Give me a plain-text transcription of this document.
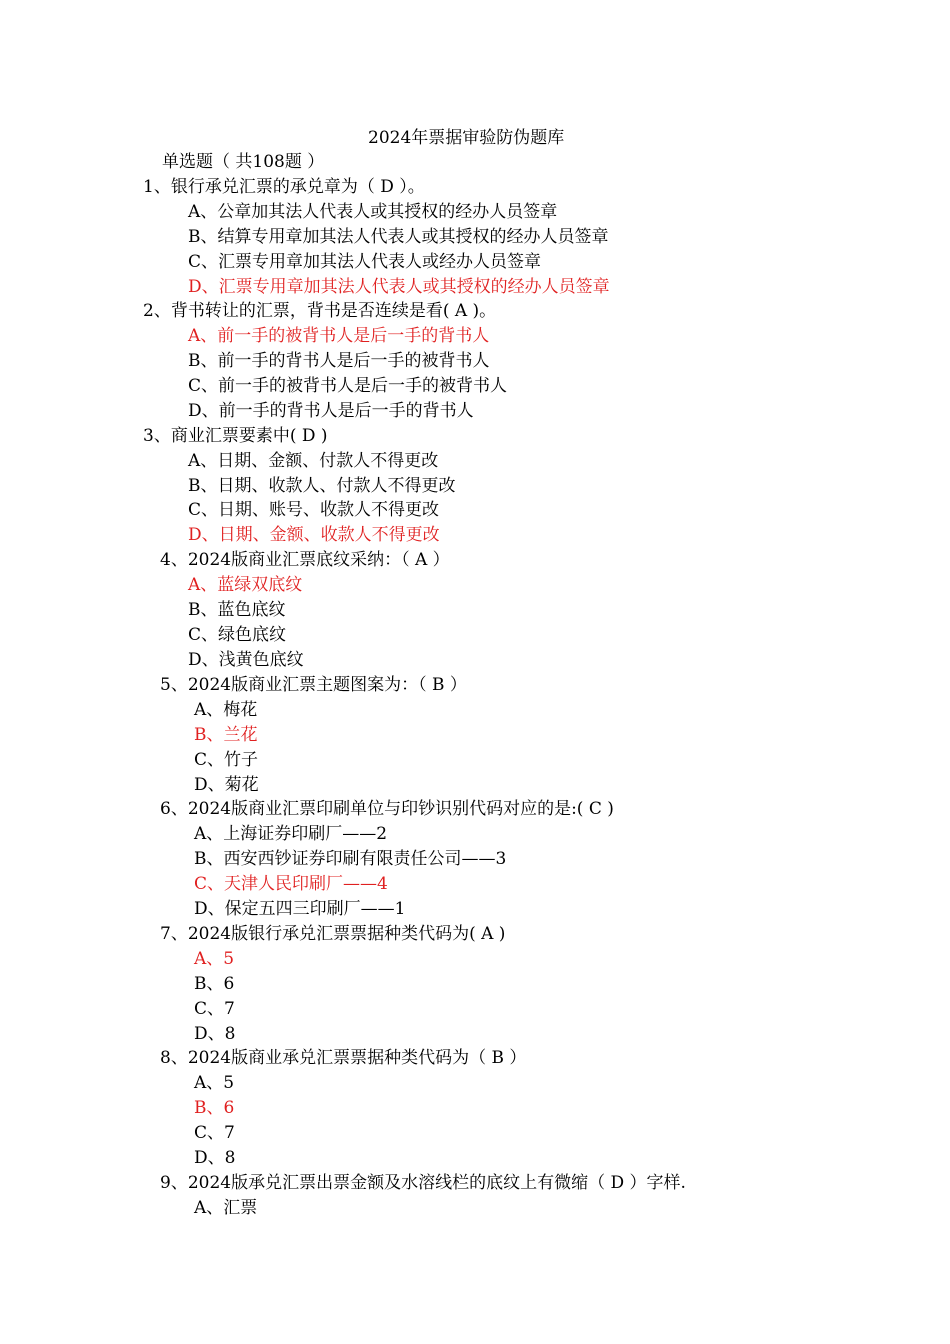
2024年票据审验防伪题库
单选题（ 共108题 ）
1、银行承兑汇票的承兑章为（ D ）。
A、公章加其法人代表人或其授权的经办人员签章
B、结算专用章加其法人代表人或其授权的经办人员签章
C、汇票专用章加其法人代表人或经办人员签章
D、汇票专用章加其法人代表人或其授权的经办人员签章
2、背书转让的汇票，背书是否连续是看( A )。
A、前一手的被背书人是后一手的背书人
B、前一手的背书人是后一手的被背书人
C、前一手的被背书人是后一手的被背书人
D、前一手的背书人是后一手的背书人
3、商业汇票要素中( D )
A、日期、金额、付款人不得更改
B、日期、收款人、付款人不得更改
C、日期、账号、收款人不得更改
D、日期、金额、收款人不得更改
4、2024版商业汇票底纹采纳：（ A ）
A、蓝绿双底纹
B、蓝色底纹
C、绿色底纹
D、浅黄色底纹
5、2024版商业汇票主题图案为：（ B ）
A、梅花
B、兰花
C、竹子
D、菊花
6、2024版商业汇票印刷单位与印钞识别代码对应的是:( C )
A、上海证券印刷厂——2
B、西安西钞证券印刷有限责任公司——3
C、天津人民印刷厂——4
D、保定五四三印刷厂——1
7、2024版银行承兑汇票票据种类代码为( A )
A、5
B、6
C、7
D、8
8、2024版商业承兑汇票票据种类代码为（ B ）
A、5
B、6
C、7
D、8
9、2024版承兑汇票出票金额及水溶线栏的底纹上有微缩（ D ）字样.
A、汇票
